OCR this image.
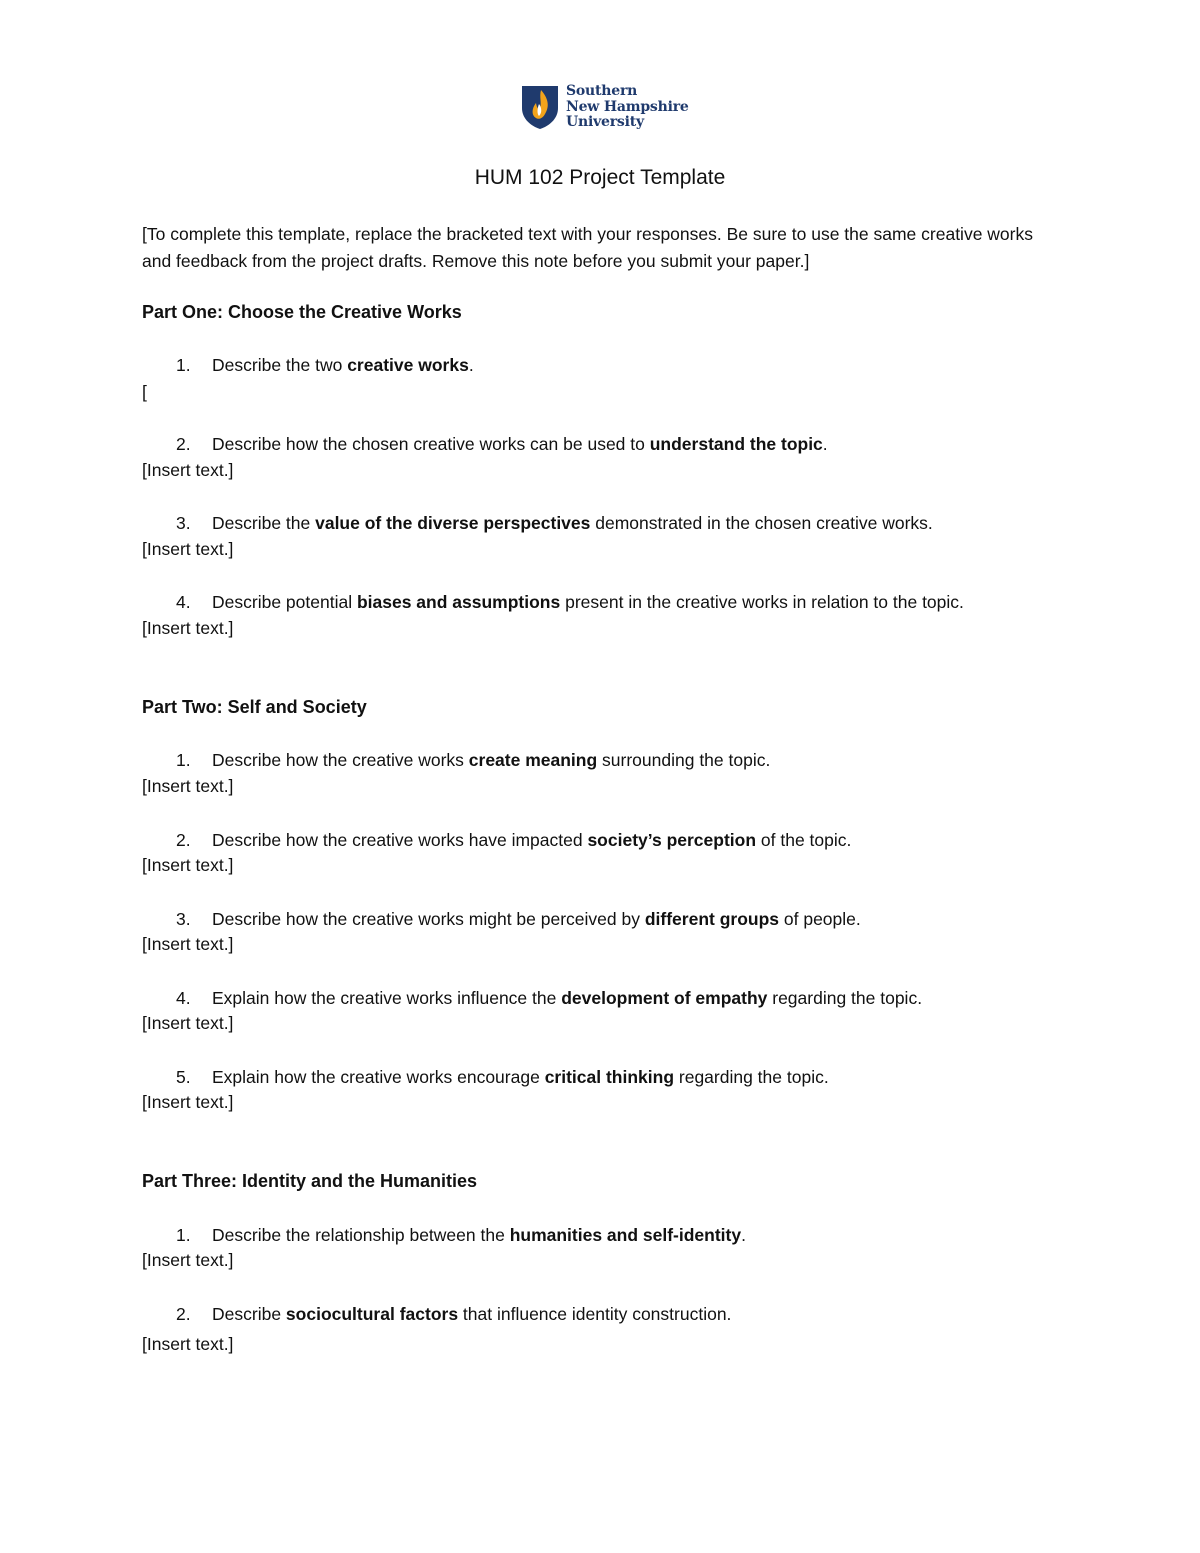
Southern
New Hampshire
University
HUM 102 Project Template
[To complete this template, replace the bracketed text with your responses. Be sure to use the same creative works and feedback from the project drafts. Remove this note before you submit your paper.]
Part One: Choose the Creative Works
1. Describe the two creative works.
[
2. Describe how the chosen creative works can be used to understand the topic.
[Insert text.]
3. Describe the value of the diverse perspectives demonstrated in the chosen creative works.
[Insert text.]
4. Describe potential biases and assumptions present in the creative works in relation to the topic.
[Insert text.]
Part Two: Self and Society
1. Describe how the creative works create meaning surrounding the topic.
[Insert text.]
2. Describe how the creative works have impacted society’s perception of the topic.
[Insert text.]
3. Describe how the creative works might be perceived by different groups of people.
[Insert text.]
4. Explain how the creative works influence the development of empathy regarding the topic.
[Insert text.]
5. Explain how the creative works encourage critical thinking regarding the topic.
[Insert text.]
Part Three: Identity and the Humanities
1. Describe the relationship between the humanities and self-identity.
[Insert text.]
2. Describe sociocultural factors that influence identity construction.
[Insert text.]
